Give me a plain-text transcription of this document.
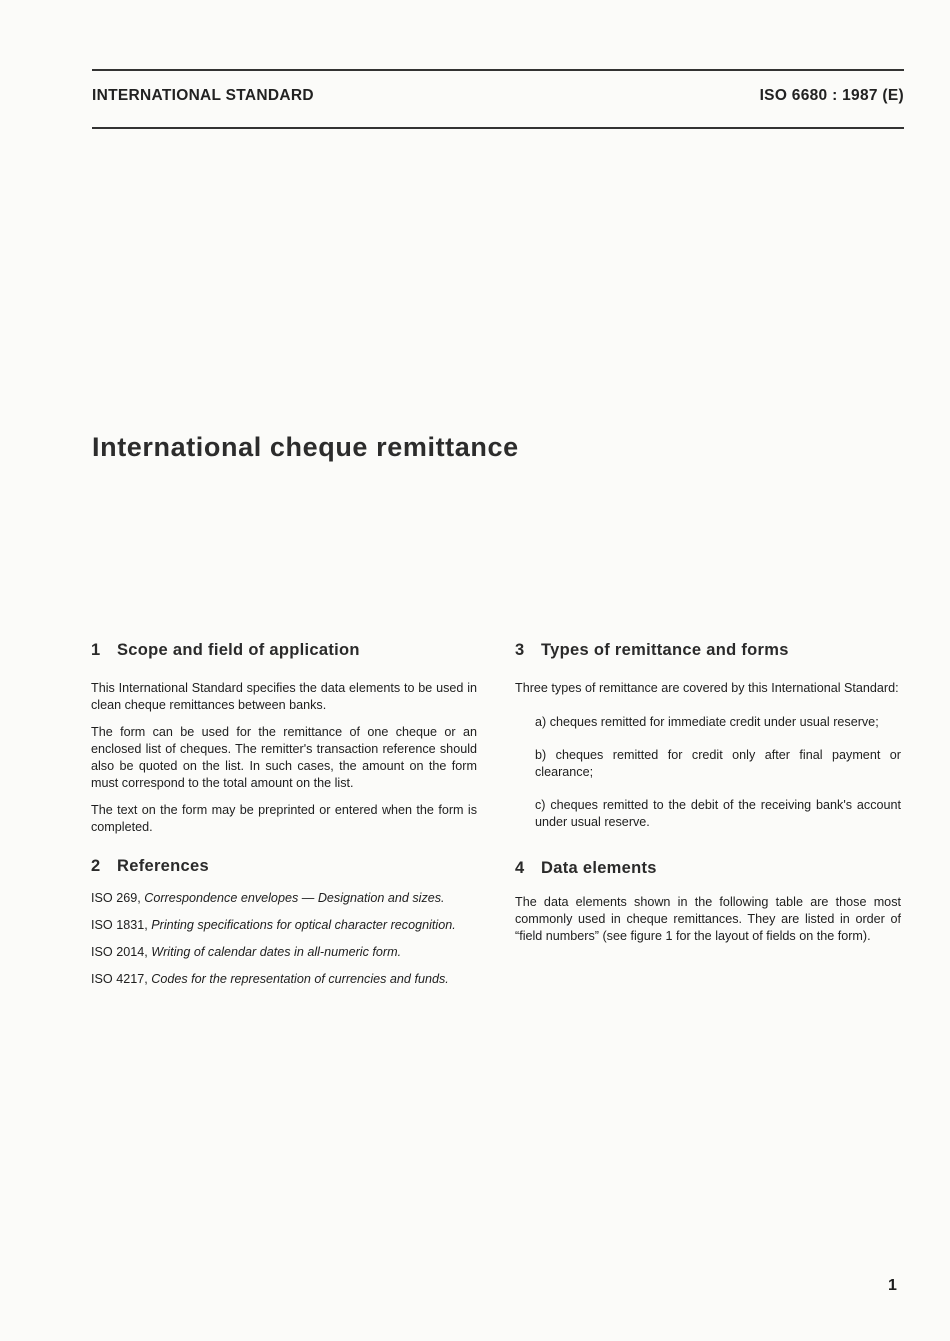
INTERNATIONAL STANDARD	ISO 6680 : 1987 (E)
International cheque remittance
1 Scope and field of application

This International Standard specifies the data elements to be used in clean cheque remittances between banks.

The form can be used for the remittance of one cheque or an enclosed list of cheques. The remitter's transaction reference should also be quoted on the list. In such cases, the amount on the form must correspond to the total amount on the list.

The text on the form may be preprinted or entered when the form is completed.

2 References

ISO 269, Correspondence envelopes — Designation and sizes.

ISO 1831, Printing specifications for optical character recognition.

ISO 2014, Writing of calendar dates in all-numeric form.

ISO 4217, Codes for the representation of currencies and funds.

3 Types of remittance and forms

Three types of remittance are covered by this International Standard:

a) cheques remitted for immediate credit under usual reserve;

b) cheques remitted for credit only after final payment or clearance;

c) cheques remitted to the debit of the receiving bank's account under usual reserve.

4 Data elements

The data elements shown in the following table are those most commonly used in cheque remittances. They are listed in order of “field numbers” (see figure 1 for the layout of fields on the form).

1
